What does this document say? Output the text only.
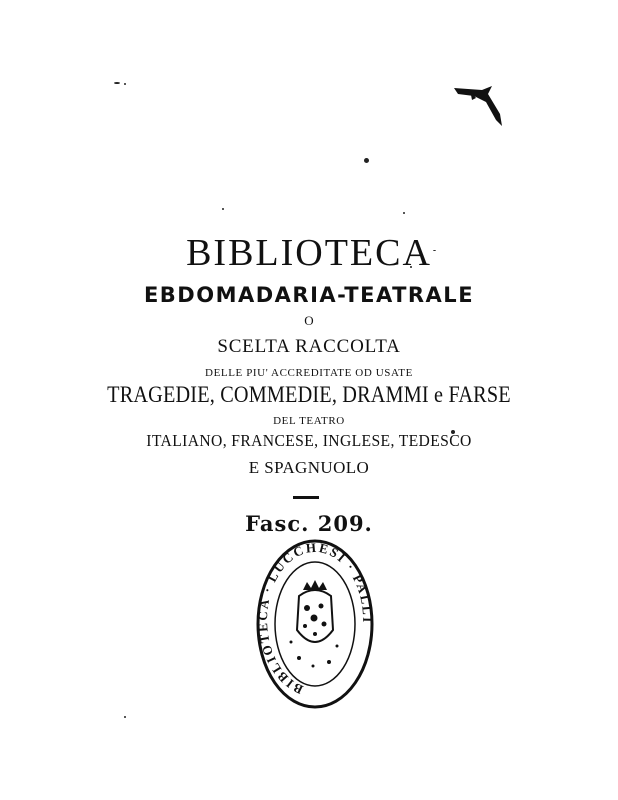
BIBLIOTECA
EBDOMADARIA-TEATRALE
O
SCELTA RACCOLTA
DELLE PIU' ACCREDITATE OD USATE
TRAGEDIE, COMMEDIE, DRAMMI e FARSE
DEL TEATRO
ITALIANO, FRANCESE, INGLESE, TEDESCO
E SPAGNUOLO
Fasc. 209.
BIBLIOTECA · LUCCHESI · PALLI
